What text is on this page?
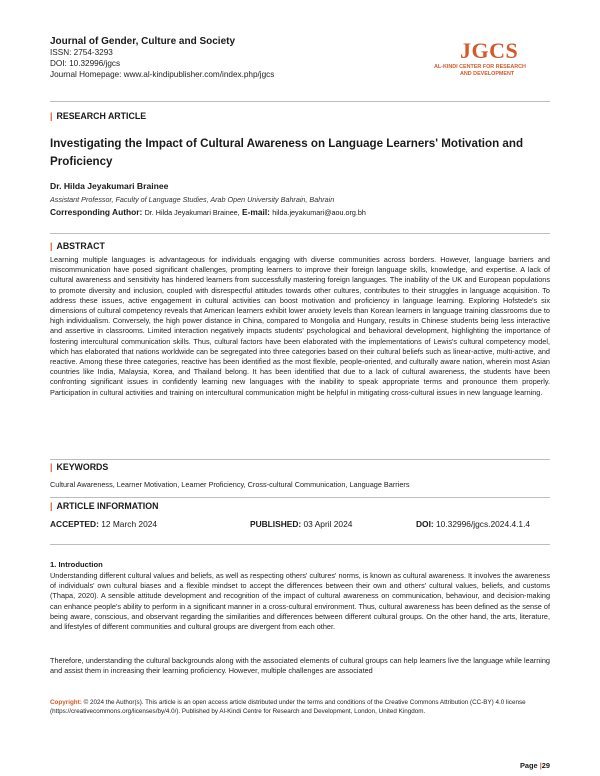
Journal of Gender, Culture and Society
ISSN: 2754-3293
DOI: 10.32996/jgcs
Journal Homepage: www.al-kindipublisher.com/index.php/jgcs
JGCS
AL-KINDI CENTER FOR RESEARCH
AND DEVELOPMENT
| RESEARCH ARTICLE
Investigating the Impact of Cultural Awareness on Language Learners' Motivation and Proficiency
Dr. Hilda Jeyakumari Brainee
Assistant Professor, Faculty of Language Studies, Arab Open University Bahrain, Bahrain
Corresponding Author: Dr. Hilda Jeyakumari Brainee, E-mail: hilda.jeyakumari@aou.org.bh
| ABSTRACT
Learning multiple languages is advantageous for individuals engaging with diverse communities across borders. However, language barriers and miscommunication have posed significant challenges, prompting learners to improve their foreign language skills, knowledge, and expertise. A lack of cultural awareness and sensitivity has hindered learners from successfully mastering foreign languages. The inability of the UK and European populations to promote diversity and inclusion, coupled with disrespectful attitudes towards other cultures, contributes to their struggles in language acquisition. To address these issues, active engagement in cultural activities can boost motivation and proficiency in language learning. Exploring Hofstede's six dimensions of cultural competency reveals that American learners exhibit lower anxiety levels than Korean learners in language training classrooms due to high individualism. Conversely, the high power distance in China, compared to Mongolia and Hungary, results in Chinese students being less interactive and assertive in classrooms. Limited interaction negatively impacts students' psychological and behavioral development, highlighting the importance of fostering intercultural communication skills. Thus, cultural factors have been elaborated with the implementations of Lewis's cultural competency model, which has elaborated that nations worldwide can be segregated into three categories based on their cultural beliefs such as linear-active, multi-active, and reactive. Among these three categories, reactive has been identified as the most flexible, people-oriented, and culturally aware nation, wherein most Asian countries like India, Malaysia, Korea, and Thailand belong. It has been identified that due to a lack of cultural awareness, the students have been confronting significant issues in confidently learning new languages with the inability to speak appropriate terms and pronounce them properly. Participation in cultural activities and training on intercultural communication might be helpful in mitigating cross-cultural issues in new language learning.
| KEYWORDS
Cultural Awareness, Learner Motivation, Learner Proficiency, Cross-cultural Communication, Language Barriers
| ARTICLE INFORMATION
ACCEPTED: 12 March 2024	PUBLISHED: 03 April 2024	DOI: 10.32996/jgcs.2024.4.1.4
1. Introduction
Understanding different cultural values and beliefs, as well as respecting others' cultures' norms, is known as cultural awareness. It involves the awareness of individuals' own cultural biases and a flexible mindset to accept the differences between their own and others' cultural values, beliefs, and customs (Thapa, 2020). A sensible attitude development and recognition of the impact of cultural awareness on communication, behaviour, and decision-making can enhance people's ability to perform in a significant manner in a cross-cultural environment. Thus, cultural awareness has been defined as the sense of being aware, conscious, and observant regarding the similarities and differences between different cultural groups. On the other hand, the arts, literature, and lifestyles of different communities and cultural groups are divergent from each other.
Therefore, understanding the cultural backgrounds along with the associated elements of cultural groups can help learners live the language while learning and assist them in increasing their learning proficiency. However, multiple challenges are associated
Copyright: © 2024 the Author(s). This article is an open access article distributed under the terms and conditions of the Creative Commons Attribution (CC-BY) 4.0 license (https://creativecommons.org/licenses/by/4.0/). Published by Al-Kindi Centre for Research and Development, London, United Kingdom.
Page |29
